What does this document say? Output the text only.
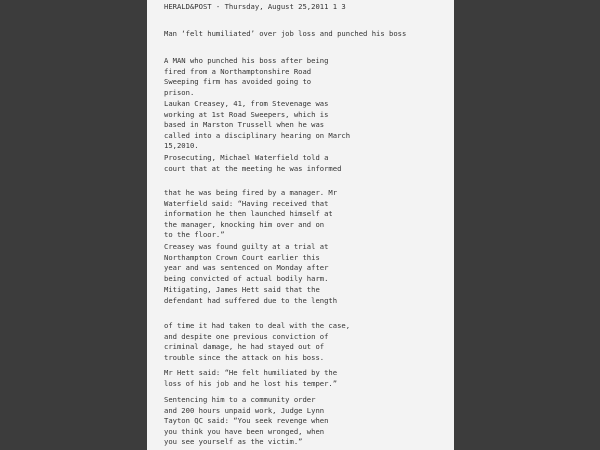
HERALD&POST - Thursday, August 25,2011 1 3

Man ‘felt humiliated’ over job loss and punched his boss

A MAN who punched his boss after being

fired from a Northamptonshire Road

Sweeping firm has avoided going to

prison.

Laukan Creasey, 41, from Stevenage was

working at 1st Road Sweepers, which is

based in Marston Trussell when he was

called into a disciplinary hearing on March

15,2010.

Prosecuting, Michael Waterfield told a

court that at the meeting he was informed

that he was being fired by a manager. Mr

Waterfield said: “Having received that

information he then launched himself at

the manager, knocking him over and on

to the floor.”

Creasey was found guilty at a trial at

Northampton Crown Court earlier this

year and was sentenced on Monday after

being convicted of actual bodily harm.

Mitigating, James Hett said that the

defendant had suffered due to the length

of time it had taken to deal with the case,

and despite one previous conviction of

criminal damage, he had stayed out of

trouble since the attack on his boss.

Mr Hett said: “He felt humiliated by the

loss of his job and he lost his temper.”

Sentencing him to a community order

and 200 hours unpaid work, Judge Lynn

Tayton QC said: “You seek revenge when

you think you have been wronged, when

you see yourself as the victim.”
